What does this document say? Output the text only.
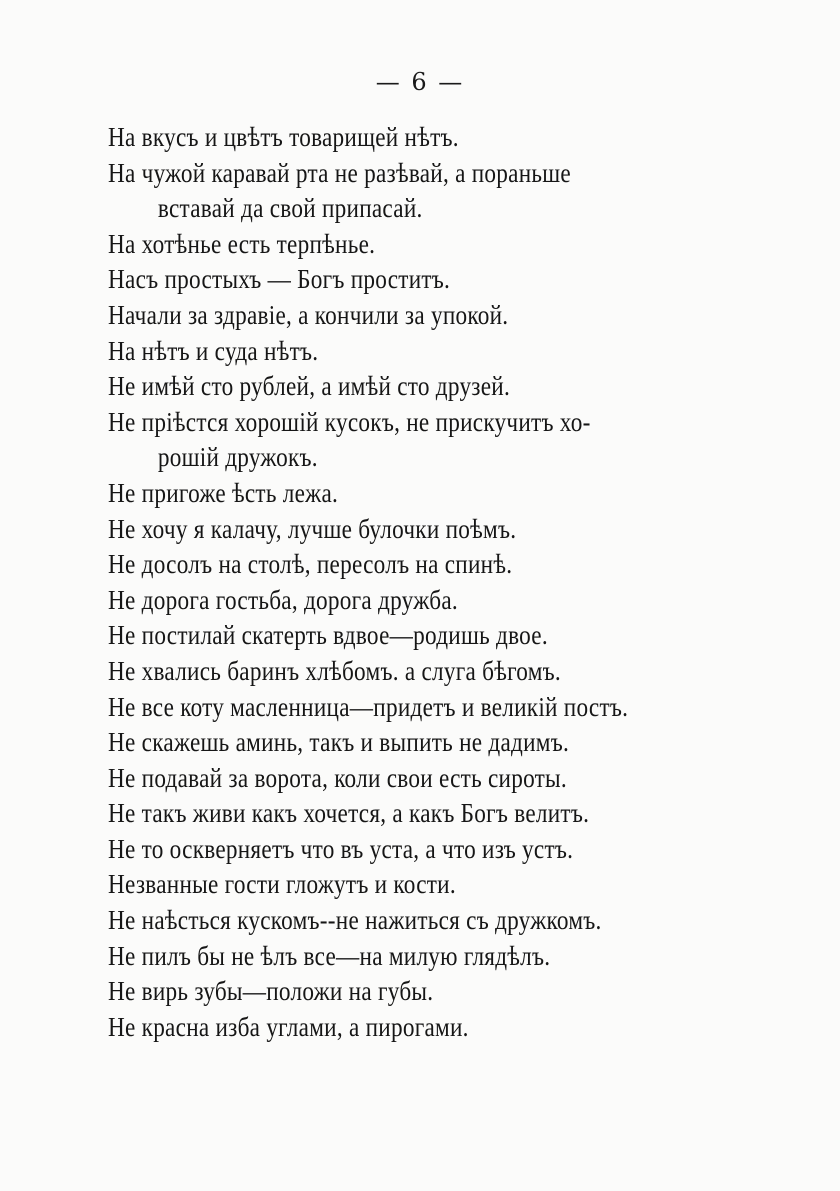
— 6 —
На вкусъ и цвѣтъ товарищей нѣтъ.
На чужой каравай рта не разѣвай, а пораньше
вставай да свой припасай.
На хотѣнье есть терпѣнье.
Насъ простыхъ — Богъ проститъ.
Начали за здравіе, а кончили за упокой.
На нѣтъ и суда нѣтъ.
Не имѣй сто рублей, а имѣй сто друзей.
Не пріѣстся хорошій кусокъ, не прискучитъ хо-
рошій дружокъ.
Не пригоже ѣсть лежа.
Не хочу я калачу, лучше булочки поѣмъ.
Не досолъ на столѣ, пересолъ на спинѣ.
Не дорога гостьба, дорога дружба.
Не постилай скатерть вдвое—родишь двое.
Не хвались баринъ хлѣбомъ. а слуга бѣгомъ.
Не все коту масленница—придетъ и великій постъ.
Не скажешь аминь, такъ и выпить не дадимъ.
Не подавай за ворота, коли свои есть сироты.
Не такъ живи какъ хочется, а какъ Богъ велитъ.
Не то оскверняетъ что въ уста, а что изъ устъ.
Незванные гости гложутъ и кости.
Не наѣсться кускомъ--не нажиться съ дружкомъ.
Не пилъ бы не ѣлъ все—на милую глядѣлъ.
Не вирь зубы—положи на губы.
Не красна изба углами, а пирогами.
